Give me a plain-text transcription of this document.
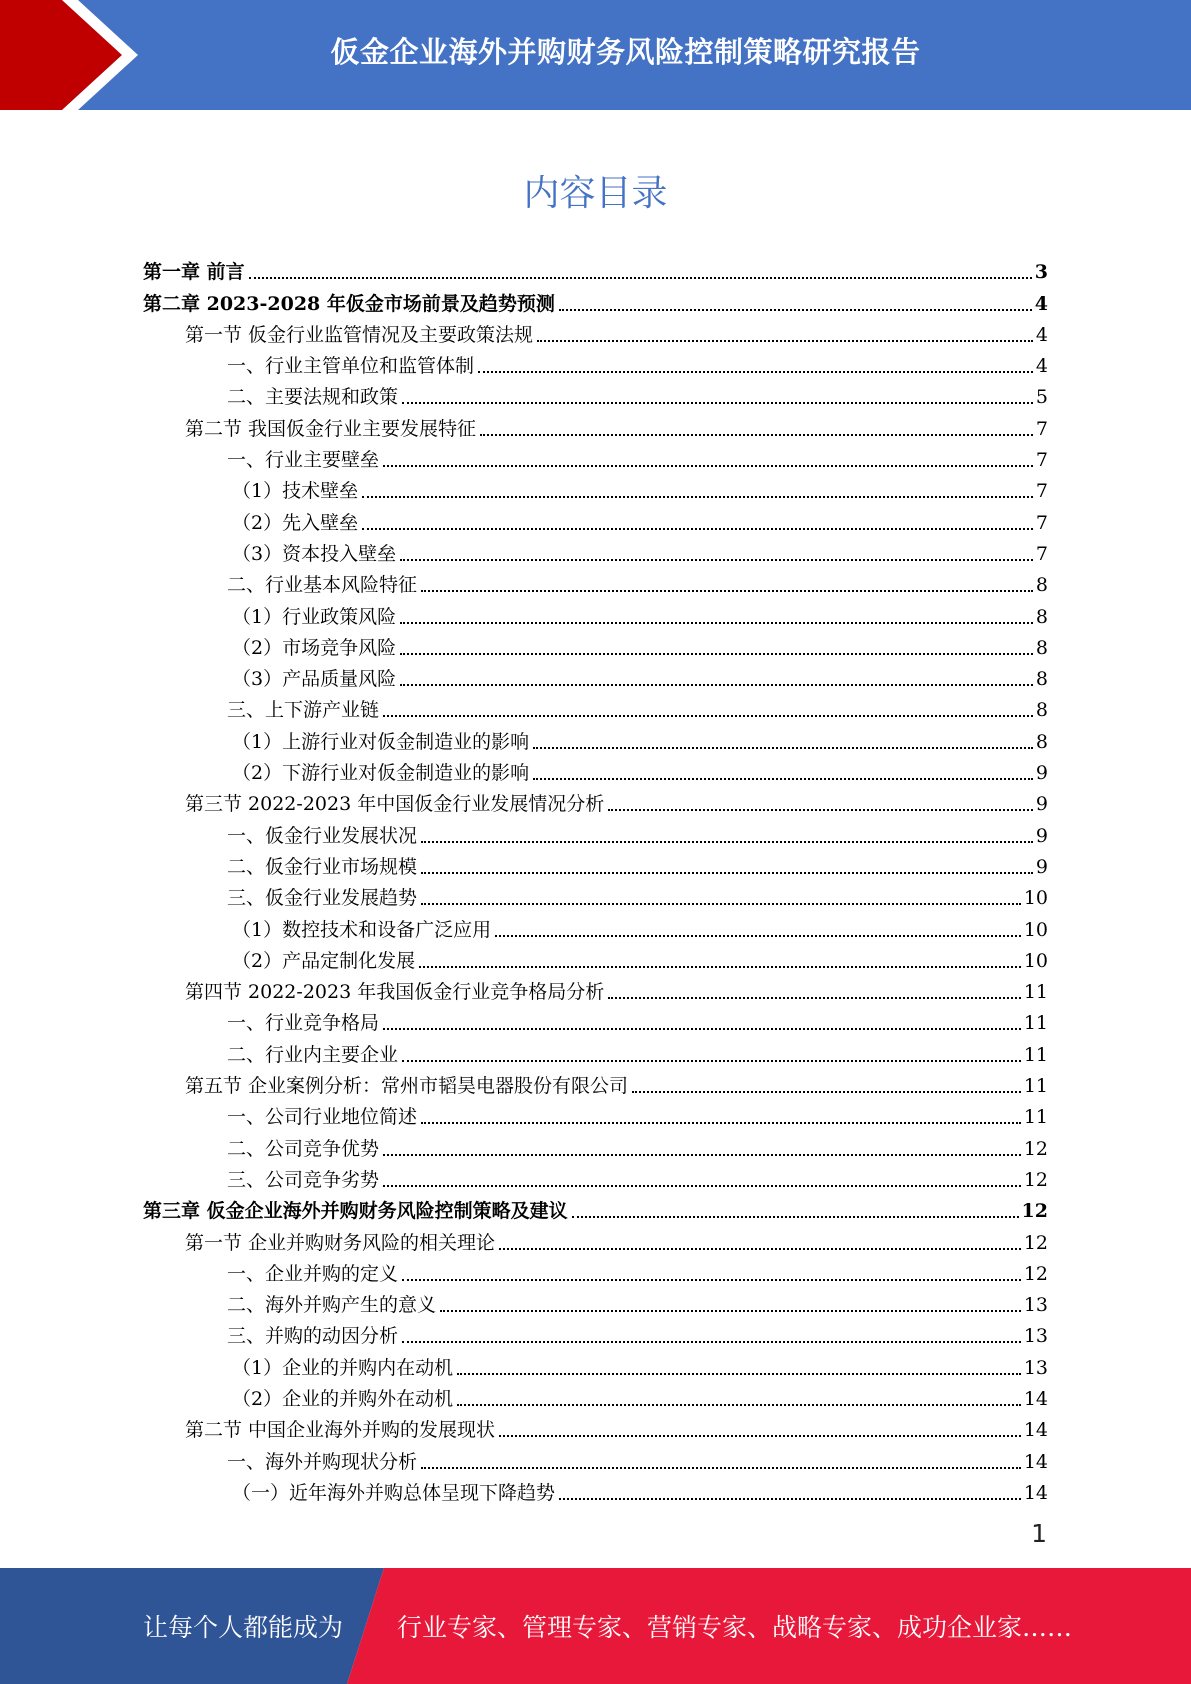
仮金企业海外并购财务风险控制策略研究报告
内容目录
第一章 前言	3
第二章 2023-2028 年仮金市场前景及趋势预测	4
第一节 仮金行业监管情况及主要政策法规	4
一、行业主管单位和监管体制	4
二、主要法规和政策	5
第二节 我国仮金行业主要发展特征	7
一、行业主要壁垒	7
（1）技术壁垒	7
（2）先入壁垒	7
（3）资本投入壁垒	7
二、行业基本风险特征	8
（1）行业政策风险	8
（2）市场竞争风险	8
（3）产品质量风险	8
三、上下游产业链	8
（1）上游行业对仮金制造业的影响	8
（2）下游行业对仮金制造业的影响	9
第三节 2022-2023 年中国仮金行业发展情况分析	9
一、仮金行业发展状况	9
二、仮金行业市场规模	9
三、仮金行业发展趋势	10
（1）数控技术和设备广泛应用	10
（2）产品定制化发展	10
第四节 2022-2023 年我国仮金行业竞争格局分析	11
一、行业竞争格局	11
二、行业内主要企业	11
第五节 企业案例分析：常州市韬昊电器股份有限公司	11
一、公司行业地位简述	11
二、公司竞争优势	12
三、公司竞争劣势	12
第三章 仮金企业海外并购财务风险控制策略及建议	12
第一节 企业并购财务风险的相关理论	12
一、企业并购的定义	12
二、海外并购产生的意义	13
三、并购的动因分析	13
（1）企业的并购内在动机	13
（2）企业的并购外在动机	14
第二节 中国企业海外并购的发展现状	14
一、海外并购现状分析	14
（一）近年海外并购总体呈现下降趋势	14
1
让每个人都能成为 行业专家、管理专家、营销专家、战略专家、成功企业家……
